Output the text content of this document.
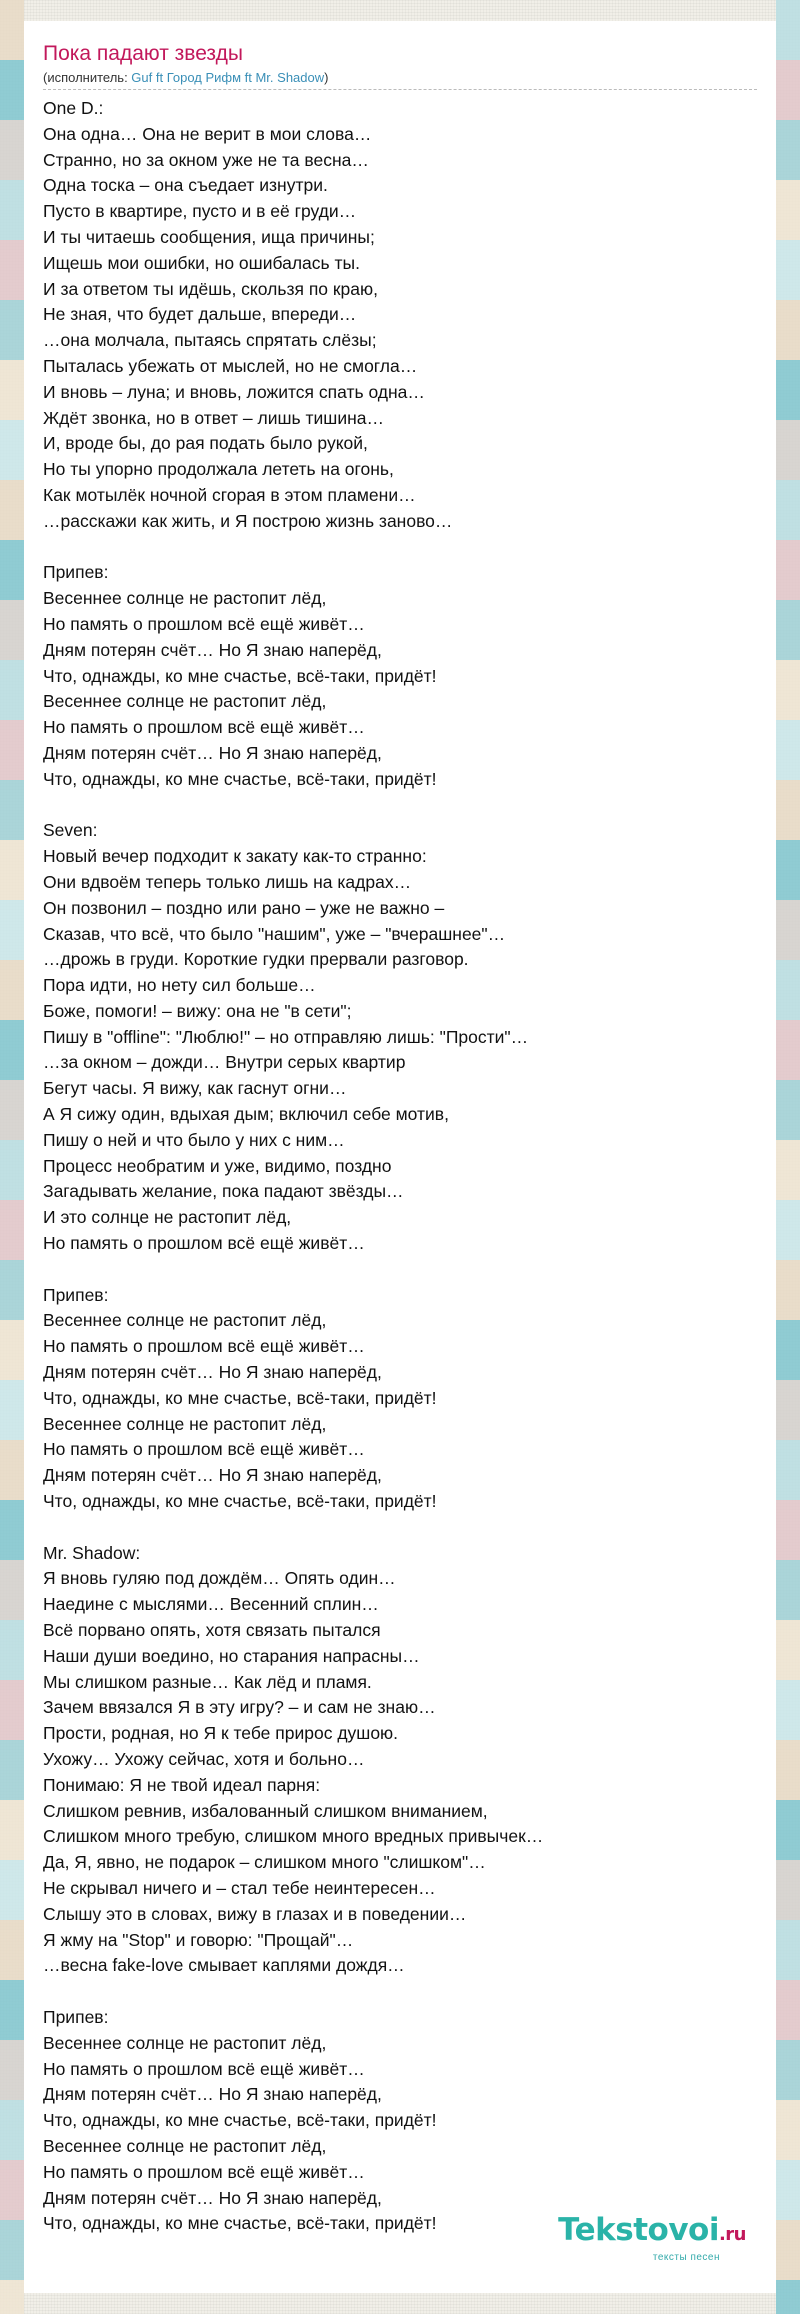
Пока падают звезды
(исполнитель: Guf ft Город Рифм ft Mr. Shadow)
One D.:
Она одна… Она не верит в мои слова…
Странно, но за окном уже не та весна…
Одна тоска – она съедает изнутри.
Пусто в квартире, пусто и в её груди…
И ты читаешь сообщения, ища причины;
Ищешь мои ошибки, но ошибалась ты.
И за ответом ты идёшь, скользя по краю,
Не зная, что будет дальше, впереди…
…она молчала, пытаясь спрятать слёзы;
Пыталась убежать от мыслей, но не смогла…
И вновь – луна; и вновь, ложится спать одна…
Ждёт звонка, но в ответ – лишь тишина…
И, вроде бы, до рая подать было рукой,
Но ты упорно продолжала лететь на огонь,
Как мотылёк ночной сгорая в этом пламени…
…расскажи как жить, и Я построю жизнь заново…
Припев:
Весеннее солнце не растопит лёд,
Но память о прошлом всё ещё живёт…
Дням потерян счёт… Но Я знаю наперёд,
Что, однажды, ко мне счастье, всё-таки, придёт!
Весеннее солнце не растопит лёд,
Но память о прошлом всё ещё живёт…
Дням потерян счёт… Но Я знаю наперёд,
Что, однажды, ко мне счастье, всё-таки, придёт!
Seven:
Новый вечер подходит к закату как-то странно:
Они вдвоём теперь только лишь на кадрах…
Он позвонил – поздно или рано – уже не важно –
Сказав, что всё, что было "нашим", уже – "вчерашнее"…
…дрожь в груди. Короткие гудки прервали разговор.
Пора идти, но нету сил больше…
Боже, помоги! – вижу: она не "в сети";
Пишу в "offline": "Люблю!" – но отправляю лишь: "Прости"…
…за окном – дожди… Внутри серых квартир
Бегут часы. Я вижу, как гаснут огни…
А Я сижу один, вдыхая дым; включил себе мотив,
Пишу о ней и что было у них с ним…
Процесс необратим и уже, видимо, поздно
Загадывать желание, пока падают звёзды…
И это солнце не растопит лёд,
Но память о прошлом всё ещё живёт…
Припев:
Весеннее солнце не растопит лёд,
Но память о прошлом всё ещё живёт…
Дням потерян счёт… Но Я знаю наперёд,
Что, однажды, ко мне счастье, всё-таки, придёт!
Весеннее солнце не растопит лёд,
Но память о прошлом всё ещё живёт…
Дням потерян счёт… Но Я знаю наперёд,
Что, однажды, ко мне счастье, всё-таки, придёт!
Mr. Shadow:
Я вновь гуляю под дождём… Опять один…
Наедине с мыслями… Весенний сплин…
Всё порвано опять, хотя связать пытался
Наши души воедино, но старания напрасны…
Мы слишком разные… Как лёд и пламя.
Зачем ввязался Я в эту игру? – и сам не знаю…
Прости, родная, но Я к тебе прирос душою.
Ухожу… Ухожу сейчас, хотя и больно…
Понимаю: Я не твой идеал парня:
Слишком ревнив, избалованный слишком вниманием,
Слишком много требую, слишком много вредных привычек…
Да, Я, явно, не подарок – слишком много "слишком"…
Не скрывал ничего и – стал тебе неинтересен…
Слышу это в словах, вижу в глазах и в поведении…
Я жму на "Stop" и говорю: "Прощай"…
…весна fake-love смывает каплями дождя…
Припев:
Весеннее солнце не растопит лёд,
Но память о прошлом всё ещё живёт…
Дням потерян счёт… Но Я знаю наперёд,
Что, однажды, ко мне счастье, всё-таки, придёт!
Весеннее солнце не растопит лёд,
Но память о прошлом всё ещё живёт…
Дням потерян счёт… Но Я знаю наперёд,
Что, однажды, ко мне счастье, всё-таки, придёт!	Tekstovoi.ru
тексты песен
